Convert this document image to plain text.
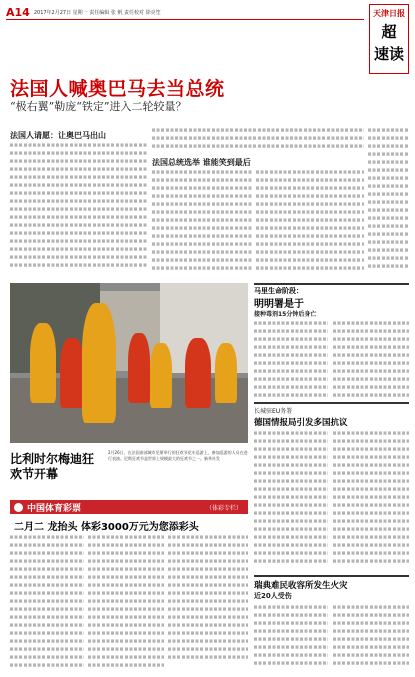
A14 2017年2月27日 星期一 责任编辑 张 帆 责任校对 徐亮笙	天津日报
超
速读
法国人喊奥巴马去当总统
“极右翼”勒庞“铁定”进入二轮较量？
法国人请愿：让奥巴马出山
法国总统选举 谁能笑到最后
比利时尔梅迪狂欢节开幕
2月26日，在法国南部城市尼斯举行的狂欢节花车巡游上，参加巡游的人员在进行表演。尼斯狂欢节是世界上规模最大的狂欢节之一。新华社发
中国体育彩票	（体彩专栏）
二月二 龙抬头 体彩3000万元为您添彩头
马里生命阶段：
明明署是于
接种毒剂15分钟后身亡
长城驻EU务署
德国情报局引发多国抗议
瑞典难民收容所发生火灾
近20人受伤
